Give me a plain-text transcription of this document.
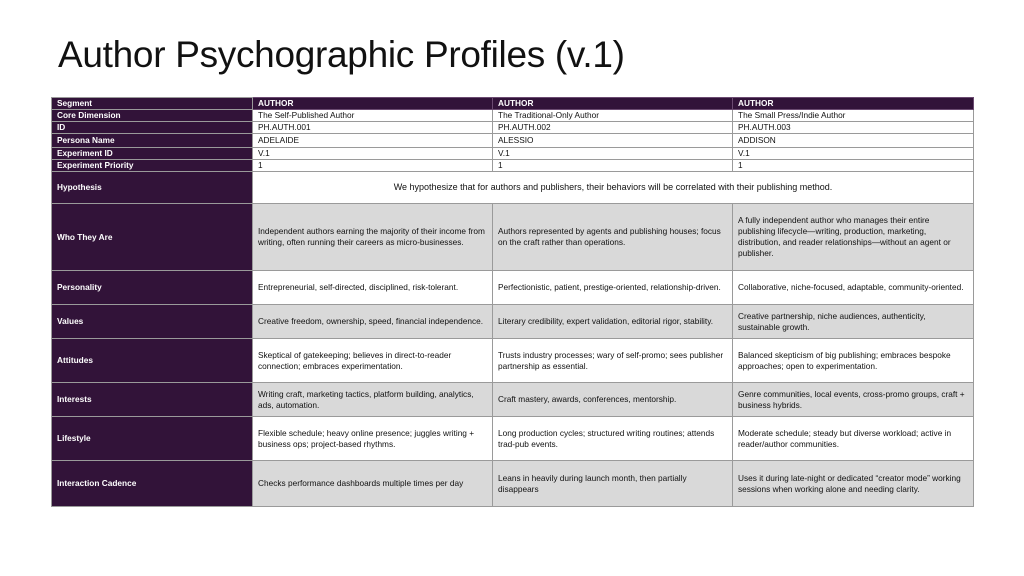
Author Psychographic Profiles (v.1)
Segment	AUTHOR	AUTHOR	AUTHOR
Core Dimension	The Self-Published Author	The Traditional-Only Author	The Small Press/Indie Author
ID	PH.AUTH.001	PH.AUTH.002	PH.AUTH.003
Persona Name	ADELAIDE	ALESSIO	ADDISON
Experiment ID	V.1	V.1	V.1
Experiment Priority	1	1	1
Hypothesis	We hypothesize that for authors and publishers, their behaviors will be correlated with their publishing method.		
Who They Are	Independent authors earning the majority of their income from writing, often running their careers as micro-businesses.	Authors represented by agents and publishing houses; focus on the craft rather than operations.	A fully independent author who manages their entire publishing lifecycle—writing, production, marketing, distribution, and reader relationships—without an agent or publisher.
Personality	Entrepreneurial, self-directed, disciplined, risk-tolerant.	Perfectionistic, patient, prestige-oriented, relationship-driven.	Collaborative, niche-focused, adaptable, community-oriented.
Values	Creative freedom, ownership, speed, financial independence.	Literary credibility, expert validation, editorial rigor, stability.	Creative partnership, niche audiences, authenticity, sustainable growth.
Attitudes	Skeptical of gatekeeping; believes in direct-to-reader connection; embraces experimentation.	Trusts industry processes; wary of self-promo; sees publisher partnership as essential.	Balanced skepticism of big publishing; embraces bespoke approaches; open to experimentation.
Interests	Writing craft, marketing tactics, platform building, analytics, ads, automation.	Craft mastery, awards, conferences, mentorship.	Genre communities, local events, cross-promo groups, craft + business hybrids.
Lifestyle	Flexible schedule; heavy online presence; juggles writing + business ops; project-based rhythms.	Long production cycles; structured writing routines; attends trad-pub events.	Moderate schedule; steady but diverse workload; active in reader/author communities.
Interaction Cadence	Checks performance dashboards multiple times per day	Leans in heavily during launch month, then partially disappears	Uses it during late-night or dedicated “creator mode” working sessions when working alone and needing clarity.
